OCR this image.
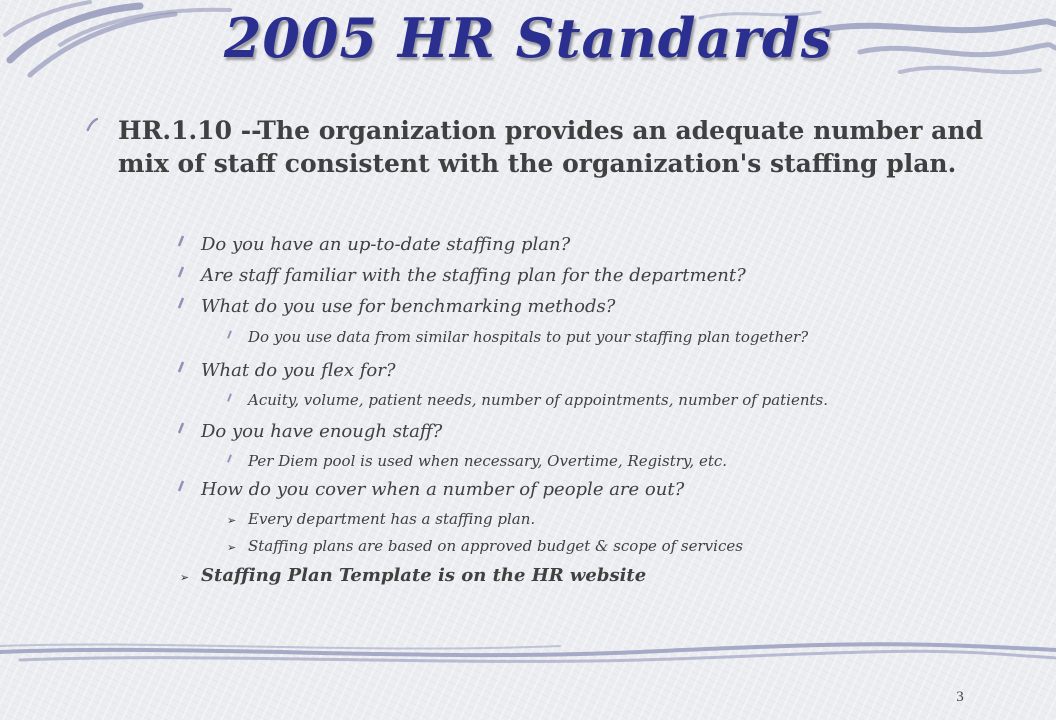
2005 HR Standards
HR.1.10 --The organization provides an adequate number and mix of staff consistent with the organization's staffing plan.
Do you have an up-to-date staffing plan?
Are staff familiar with the staffing plan for the department?
What do you use for benchmarking methods?
Do you use data from similar hospitals to put your staffing plan together?
What do you flex for?
Acuity, volume, patient needs, number of appointments, number of patients.
Do you have enough staff?
Per Diem pool is used when necessary, Overtime, Registry, etc.
How do you cover when a number of people are out?
➢ Every department has a staffing plan.
➢ Staffing plans are based on approved budget & scope of services
➢ Staffing Plan Template is on the HR website
3
